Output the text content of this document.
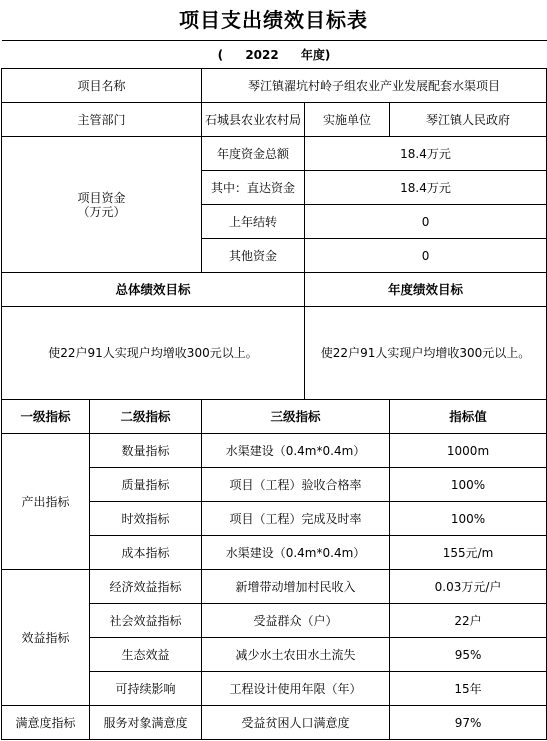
项目支出绩效目标表
( 2022 年度)				
项目名称		琴江镇濯坑村岭子组农业产业发展配套水渠项目		
主管部门		石城县农业农村局	实施单位	琴江镇人民政府
项目资金
（万元）		年度资金总额	18.4万元	
		其中：直达资金	18.4万元	
		上年结转	0	
		其他资金	0	
总体绩效目标			年度绩效目标	
使22户91人实现户均增收300元以上。			使22户91人实现户均增收300元以上。	
一级指标	二级指标	三级指标		指标值
产出指标	数量指标	水渠建设（0.4m*0.4m）		1000m
	质量指标	项目（工程）验收合格率		100%
	时效指标	项目（工程）完成及时率		100%
	成本指标	水渠建设（0.4m*0.4m）		155元/m
效益指标	经济效益指标	新增带动增加村民收入		0.03万元/户
	社会效益指标	受益群众（户）		22户
	生态效益	减少水土农田水土流失		95%
	可持续影响	工程设计使用年限（年）		15年
满意度指标	服务对象满意度	受益贫困人口满意度		97%
